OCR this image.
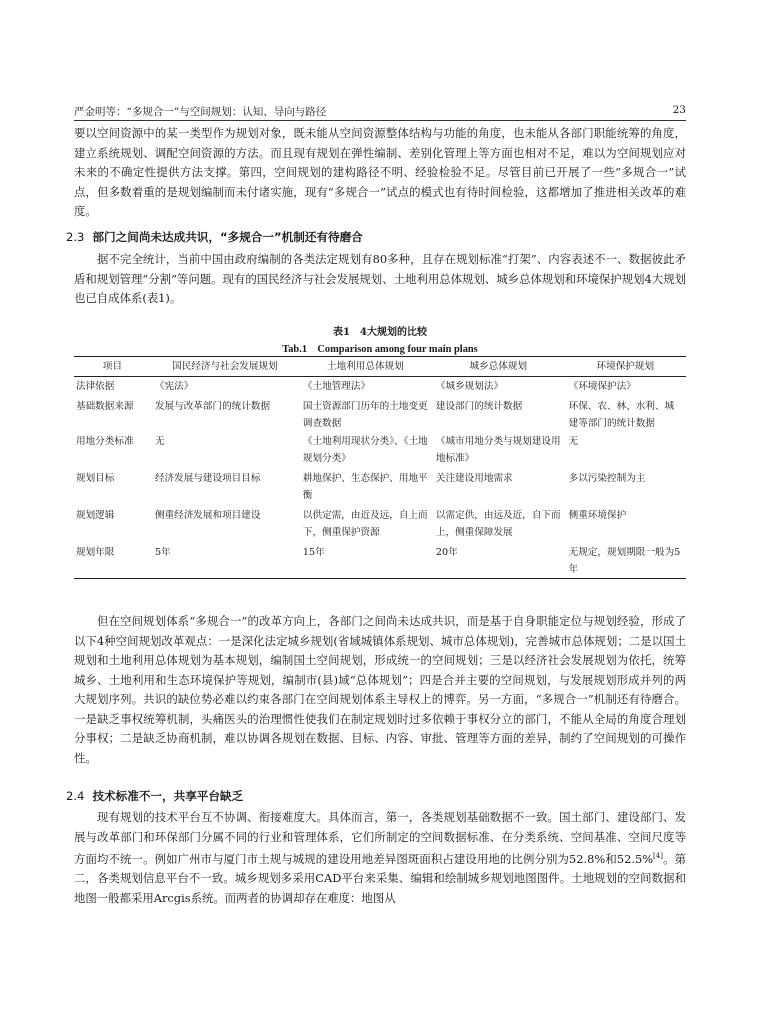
严金明等：“多规合一”与空间规划：认知、导向与路径	23

要以空间资源中的某一类型作为规划对象，既未能从空间资源整体结构与功能的角度，也未能从各部门职能统筹的角度，建立系统规划、调配空间资源的方法。而且现有规划在弹性编制、差别化管理上等方面也相对不足，难以为空间规划应对未来的不确定性提供方法支撑。第四，空间规划的建构路径不明、经验检验不足。尽管目前已开展了一些“多规合一”试点，但多数着重的是规划编制而未付诸实施，现有“多规合一”试点的模式也有待时间检验，这都增加了推进相关改革的难度。

2.3 部门之间尚未达成共识，“多规合一”机制还有待磨合

据不完全统计，当前中国由政府编制的各类法定规划有80多种，且存在规划标准“打架”、内容表述不一、数据彼此矛盾和规划管理“分割”等问题。现有的国民经济与社会发展规划、土地利用总体规划、城乡总体规划和环境保护规划4大规划也已自成体系(表1)。

表1　4大规划的比较
Tab.1　Comparison among four main plans
项目	国民经济与社会发展规划	土地利用总体规划	城乡总体规划	环境保护规划
法律依据	《宪法》	《土地管理法》	《城乡规划法》	《环境保护法》
基础数据来源	发展与改革部门的统计数据	国土资源部门历年的土地变更调查数据	建设部门的统计数据	环保、农、林、水利、城建等部门的统计数据
用地分类标准	无	《土地利用现状分类》、《土地规划分类》	《城市用地分类与规划建设用地标准》	无
规划目标	经济发展与建设项目目标	耕地保护、生态保护、用地平衡	关注建设用地需求	多以污染控制为主
规划逻辑	侧重经济发展和项目建设	以供定需，由近及远，自上而下，侧重保护资源	以需定供，由远及近，自下而上，侧重保障发展	侧重环境保护
规划年限	5年	15年	20年	无规定，规划期限一般为5年

但在空间规划体系“多规合一”的改革方向上，各部门之间尚未达成共识，而是基于自身职能定位与规划经验，形成了以下4种空间规划改革观点：一是深化法定城乡规划(省域城镇体系规划、城市总体规划)，完善城市总体规划；二是以国土规划和土地利用总体规划为基本规划，编制国土空间规划，形成统一的空间规划；三是以经济社会发展规划为依托，统筹城乡、土地利用和生态环境保护等规划，编制市(县)域“总体规划”；四是合并主要的空间规划，与发展规划形成并列的两大规划序列。共识的缺位势必难以约束各部门在空间规划体系主导权上的博弈。另一方面，“多规合一”机制还有待磨合。一是缺乏事权统筹机制，头痛医头的治理惯性使我们在制定规划时过多依赖于事权分立的部门，不能从全局的角度合理划分事权；二是缺乏协商机制，难以协调各规划在数据、目标、内容、审批、管理等方面的差异，制约了空间规划的可操作性。

2.4 技术标准不一，共享平台缺乏

现有规划的技术平台互不协调、衔接难度大。具体而言，第一，各类规划基础数据不一致。国土部门、建设部门、发展与改革部门和环保部门分属不同的行业和管理体系，它们所制定的空间数据标准、在分类系统、空间基准、空间尺度等方面均不统一。例如广州市与厦门市土规与城规的建设用地差异图斑面积占建设用地的比例分别为52.8%和52.5%[4]。第二，各类规划信息平台不一致。城乡规划多采用CAD平台来采集、编辑和绘制城乡规划地图图件。土地规划的空间数据和地图一般都采用Arcgis系统。而两者的协调却存在难度：地图从
